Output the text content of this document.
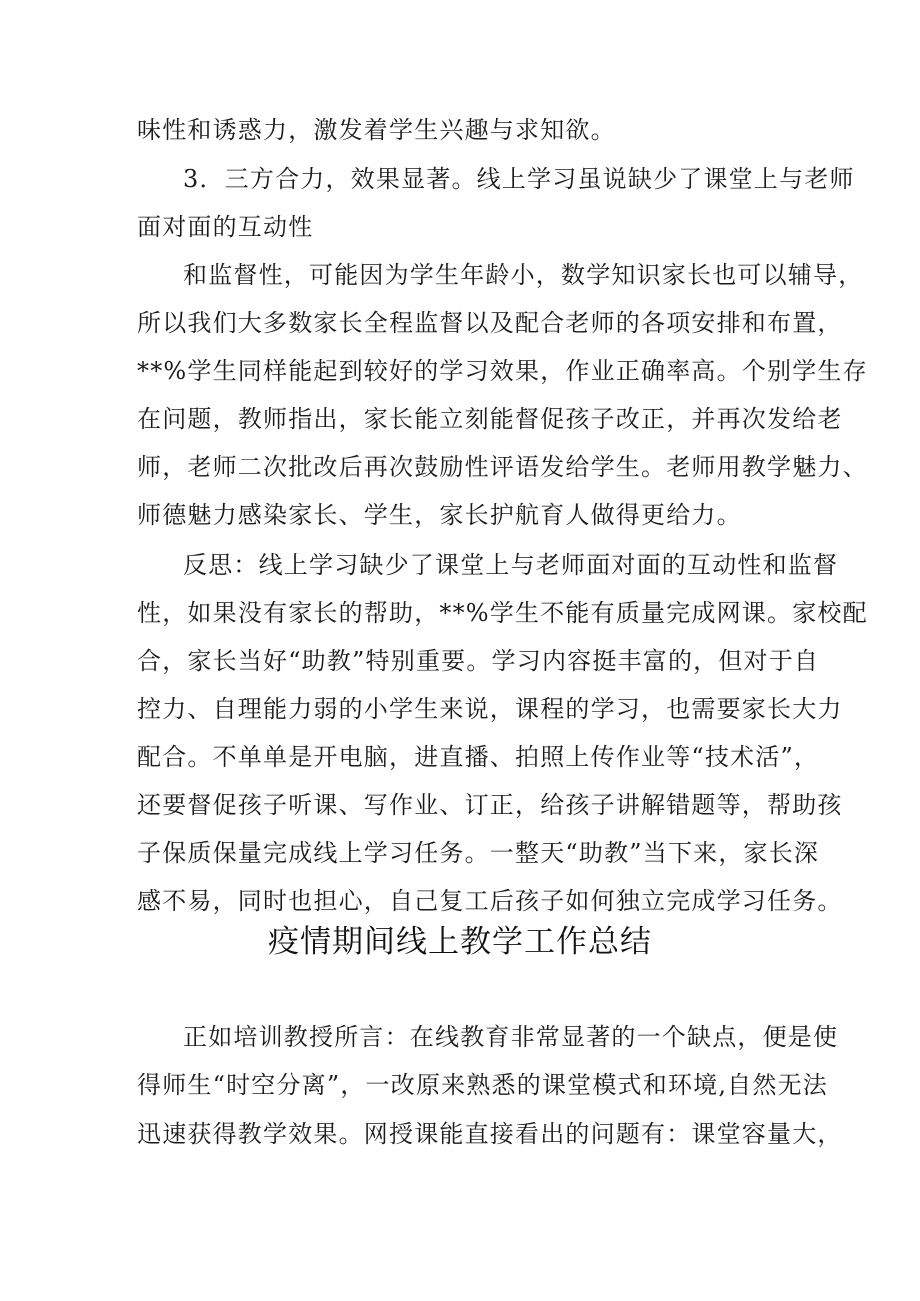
味性和诱惑力，激发着学生兴趣与求知欲。
3．三方合力，效果显著。线上学习虽说缺少了课堂上与老师
面对面的互动性
和监督性，可能因为学生年龄小，数学知识家长也可以辅导，
所以我们大多数家长全程监督以及配合老师的各项安排和布置，
**%学生同样能起到较好的学习效果，作业正确率高。个别学生存
在问题，教师指出，家长能立刻能督促孩子改正，并再次发给老
师，老师二次批改后再次鼓励性评语发给学生。老师用教学魅力、
师德魅力感染家长、学生，家长护航育人做得更给力。
反思：线上学习缺少了课堂上与老师面对面的互动性和监督
性，如果没有家长的帮助，**%学生不能有质量完成网课。家校配
合，家长当好“助教”特别重要。学习内容挺丰富的，但对于自
控力、自理能力弱的小学生来说，课程的学习，也需要家长大力
配合。不单单是开电脑，进直播、拍照上传作业等“技术活”，
还要督促孩子听课、写作业、订正，给孩子讲解错题等，帮助孩
子保质保量完成线上学习任务。一整天“助教”当下来，家长深
感不易，同时也担心，自己复工后孩子如何独立完成学习任务。
疫情期间线上教学工作总结
正如培训教授所言：在线教育非常显著的一个缺点，便是使
得师生“时空分离”，一改原来熟悉的课堂模式和环境,自然无法
迅速获得教学效果。网授课能直接看出的问题有：课堂容量大，
